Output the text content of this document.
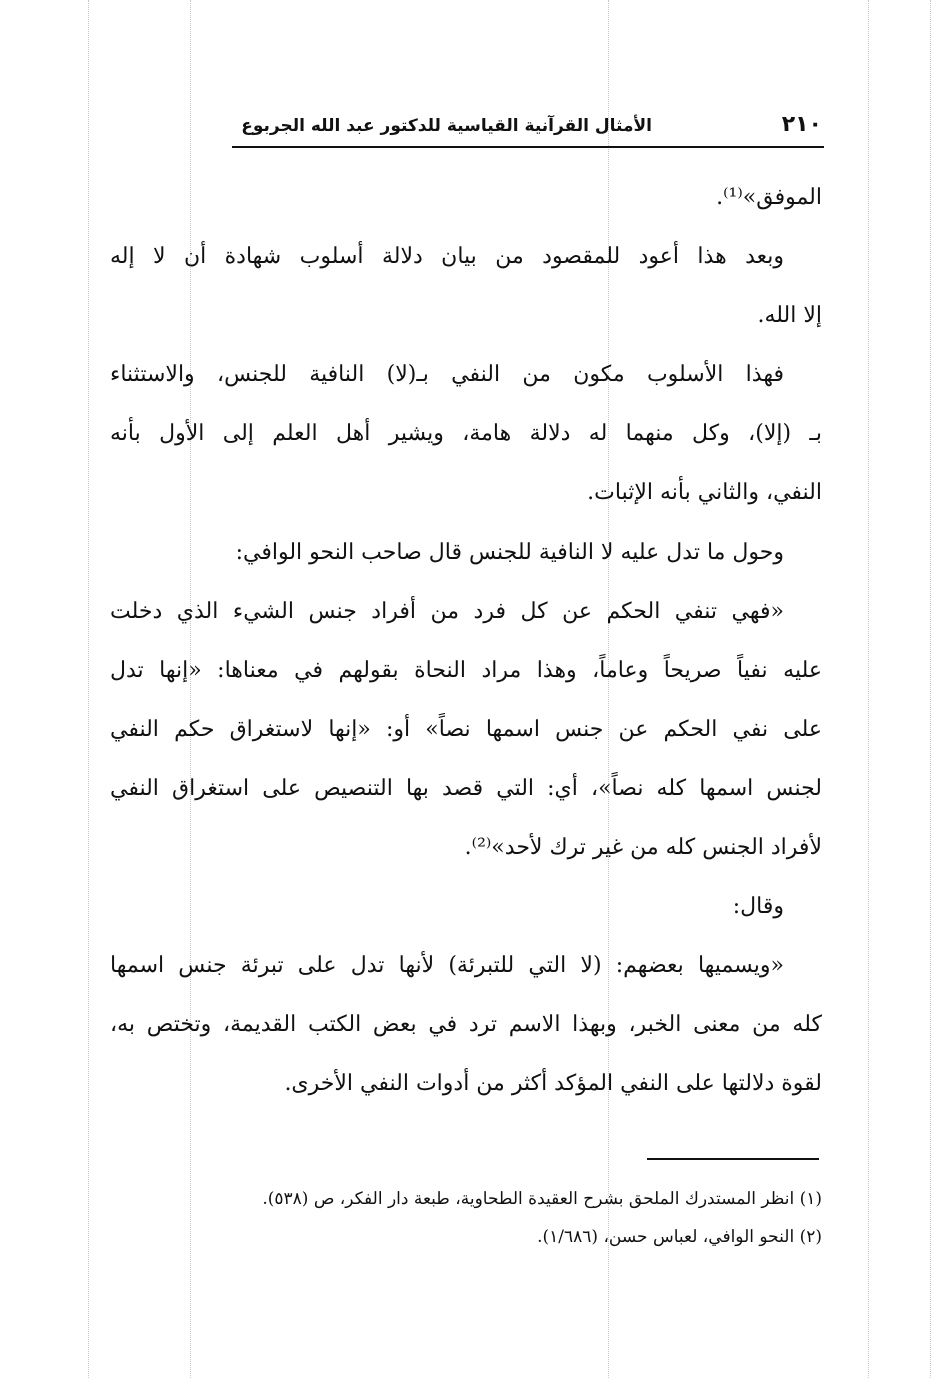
٢١٠
الأمثال القرآنية القياسية للدكتور عبد الله الجربوع
الموفق»⁽¹⁾.
وبعد هذا أعود للمقصود من بيان دلالة أسلوب شهادة أن لا إله
إلا الله.
فهذا الأسلوب مكون من النفي بـ(لا) النافية للجنس، والاستثناء
بـ (إلا)، وكل منهما له دلالة هامة، ويشير أهل العلم إلى الأول بأنه
النفي، والثاني بأنه الإثبات.
وحول ما تدل عليه لا النافية للجنس قال صاحب النحو الوافي:
«فهي تنفي الحكم عن كل فرد من أفراد جنس الشيء الذي دخلت
عليه نفياً صريحاً وعاماً، وهذا مراد النحاة بقولهم في معناها: «إنها تدل
على نفي الحكم عن جنس اسمها نصاً» أو: «إنها لاستغراق حكم النفي
لجنس اسمها كله نصاً»، أي: التي قصد بها التنصيص على استغراق النفي
لأفراد الجنس كله من غير ترك لأحد»⁽²⁾.
وقال:
«ويسميها بعضهم: (لا التي للتبرئة) لأنها تدل على تبرئة جنس اسمها
كله من معنى الخبر، وبهذا الاسم ترد في بعض الكتب القديمة، وتختص به،
لقوة دلالتها على النفي المؤكد أكثر من أدوات النفي الأخرى.
(١) انظر المستدرك الملحق بشرح العقيدة الطحاوية، طبعة دار الفكر، ص (٥٣٨).
(٢) النحو الوافي، لعباس حسن، (١/٦٨٦).
